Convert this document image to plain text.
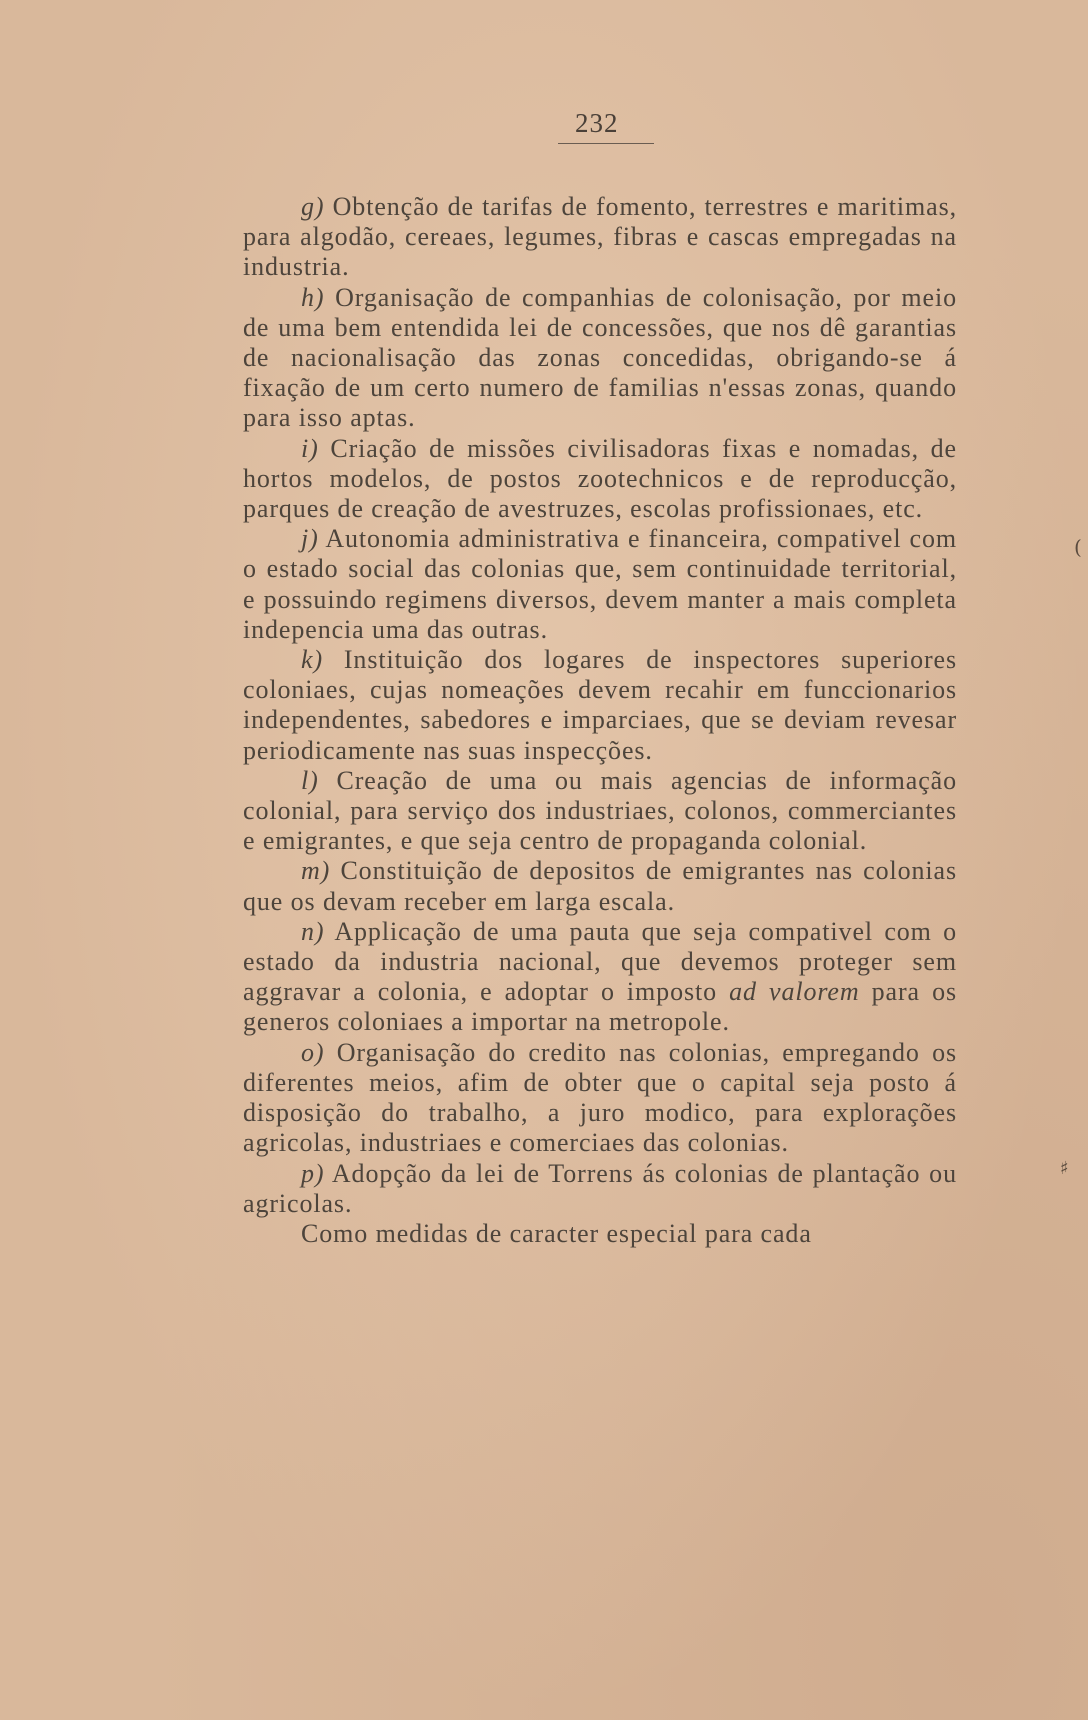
232

g) Obtenção de tarifas de fomento, terrestres e maritimas, para algodão, cereaes, legumes, fibras e cascas empregadas na industria.

h) Organisação de companhias de colonisação, por meio de uma bem entendida lei de concessões, que nos dê garantias de nacionalisação das zonas concedidas, obrigando-se á fixação de um certo numero de familias n'essas zonas, quando para isso aptas.

i) Criação de missões civilisadoras fixas e nomadas, de hortos modelos, de postos zootechnicos e de reproducção, parques de creação de avestruzes, escolas profissionaes, etc.

j) Autonomia administrativa e financeira, compativel com o estado social das colonias que, sem continuidade territorial, e possuindo regimens diversos, devem manter a mais completa indepencia uma das outras.

k) Instituição dos logares de inspectores superiores coloniaes, cujas nomeações devem recahir em funccionarios independentes, sabedores e imparciaes, que se deviam revesar periodicamente nas suas inspecções.

l) Creação de uma ou mais agencias de informação colonial, para serviço dos industriaes, colonos, commerciantes e emigrantes, e que seja centro de propaganda colonial.

m) Constituição de depositos de emigrantes nas colonias que os devam receber em larga escala.

n) Applicação de uma pauta que seja compativel com o estado da industria nacional, que devemos proteger sem aggravar a colonia, e adoptar o imposto ad valorem para os generos coloniaes a importar na metropole.

o) Organisação do credito nas colonias, empregando os diferentes meios, afim de obter que o capital seja posto á disposição do trabalho, a juro modico, para explorações agricolas, industriaes e comerciaes das colonias.

p) Adopção da lei de Torrens ás colonias de plantação ou agricolas.

Como medidas de caracter especial para cada

(
♯
